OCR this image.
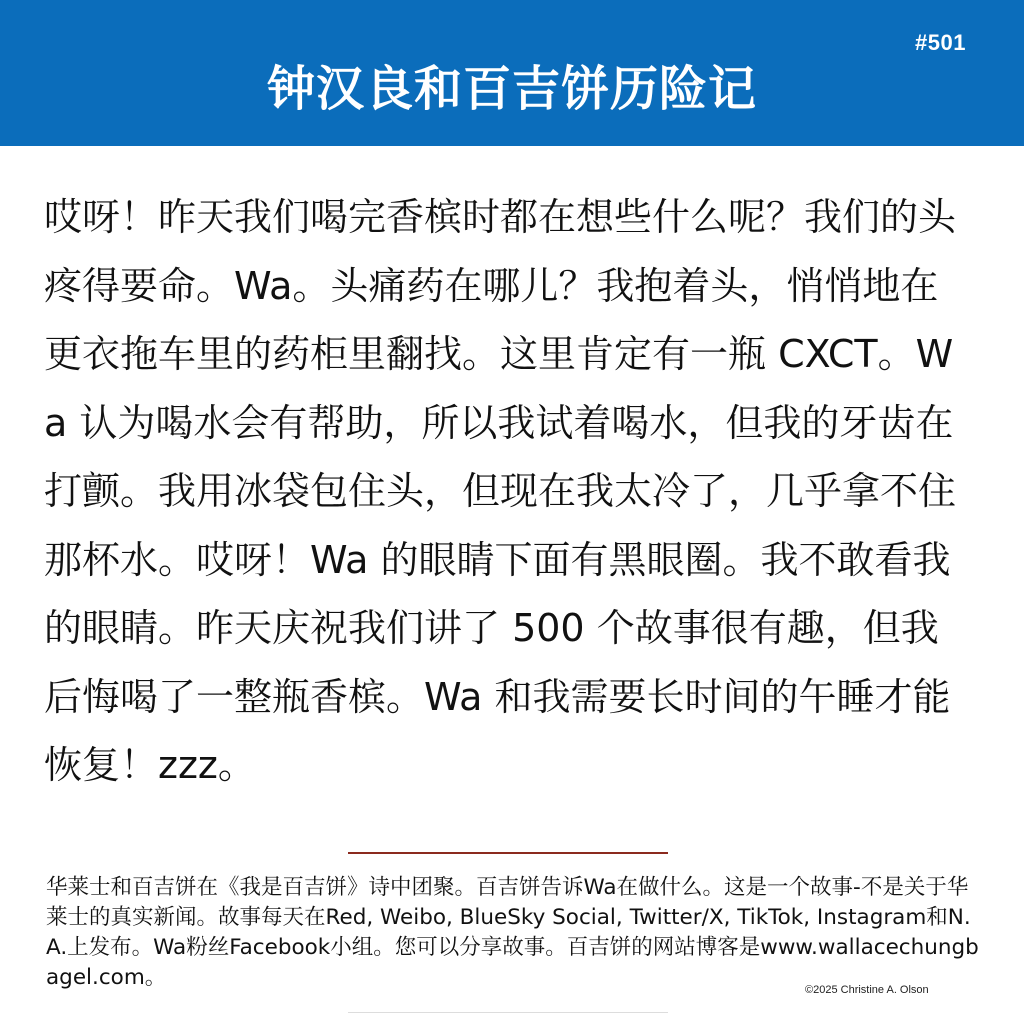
#501
钟汉良和百吉饼历险记
哎呀！昨天我们喝完香槟时都在想些什么呢？我们的头疼得要命。Wa。头痛药在哪儿？我抱着头，悄悄地在更衣拖车里的药柜里翻找。这里肯定有一瓶 CXCT。Wa 认为喝水会有帮助，所以我试着喝水，但我的牙齿在打颤。我用冰袋包住头，但现在我太冷了，几乎拿不住那杯水。哎呀！Wa 的眼睛下面有黑眼圈。我不敢看我的眼睛。昨天庆祝我们讲了 500 个故事很有趣，但我后悔喝了一整瓶香槟。Wa 和我需要长时间的午睡才能恢复！zzz。
华莱士和百吉饼在《我是百吉饼》诗中团聚。百吉饼告诉Wa在做什么。这是一个故事-不是关于华莱士的真实新闻。故事每天在Red, Weibo, BlueSky Social, Twitter/X, TikTok, Instagram和N.A.上发布。Wa粉丝Facebook小组。您可以分享故事。百吉饼的网站博客是www.wallacechungbagel.com。	©2025 Christine A. Olson
